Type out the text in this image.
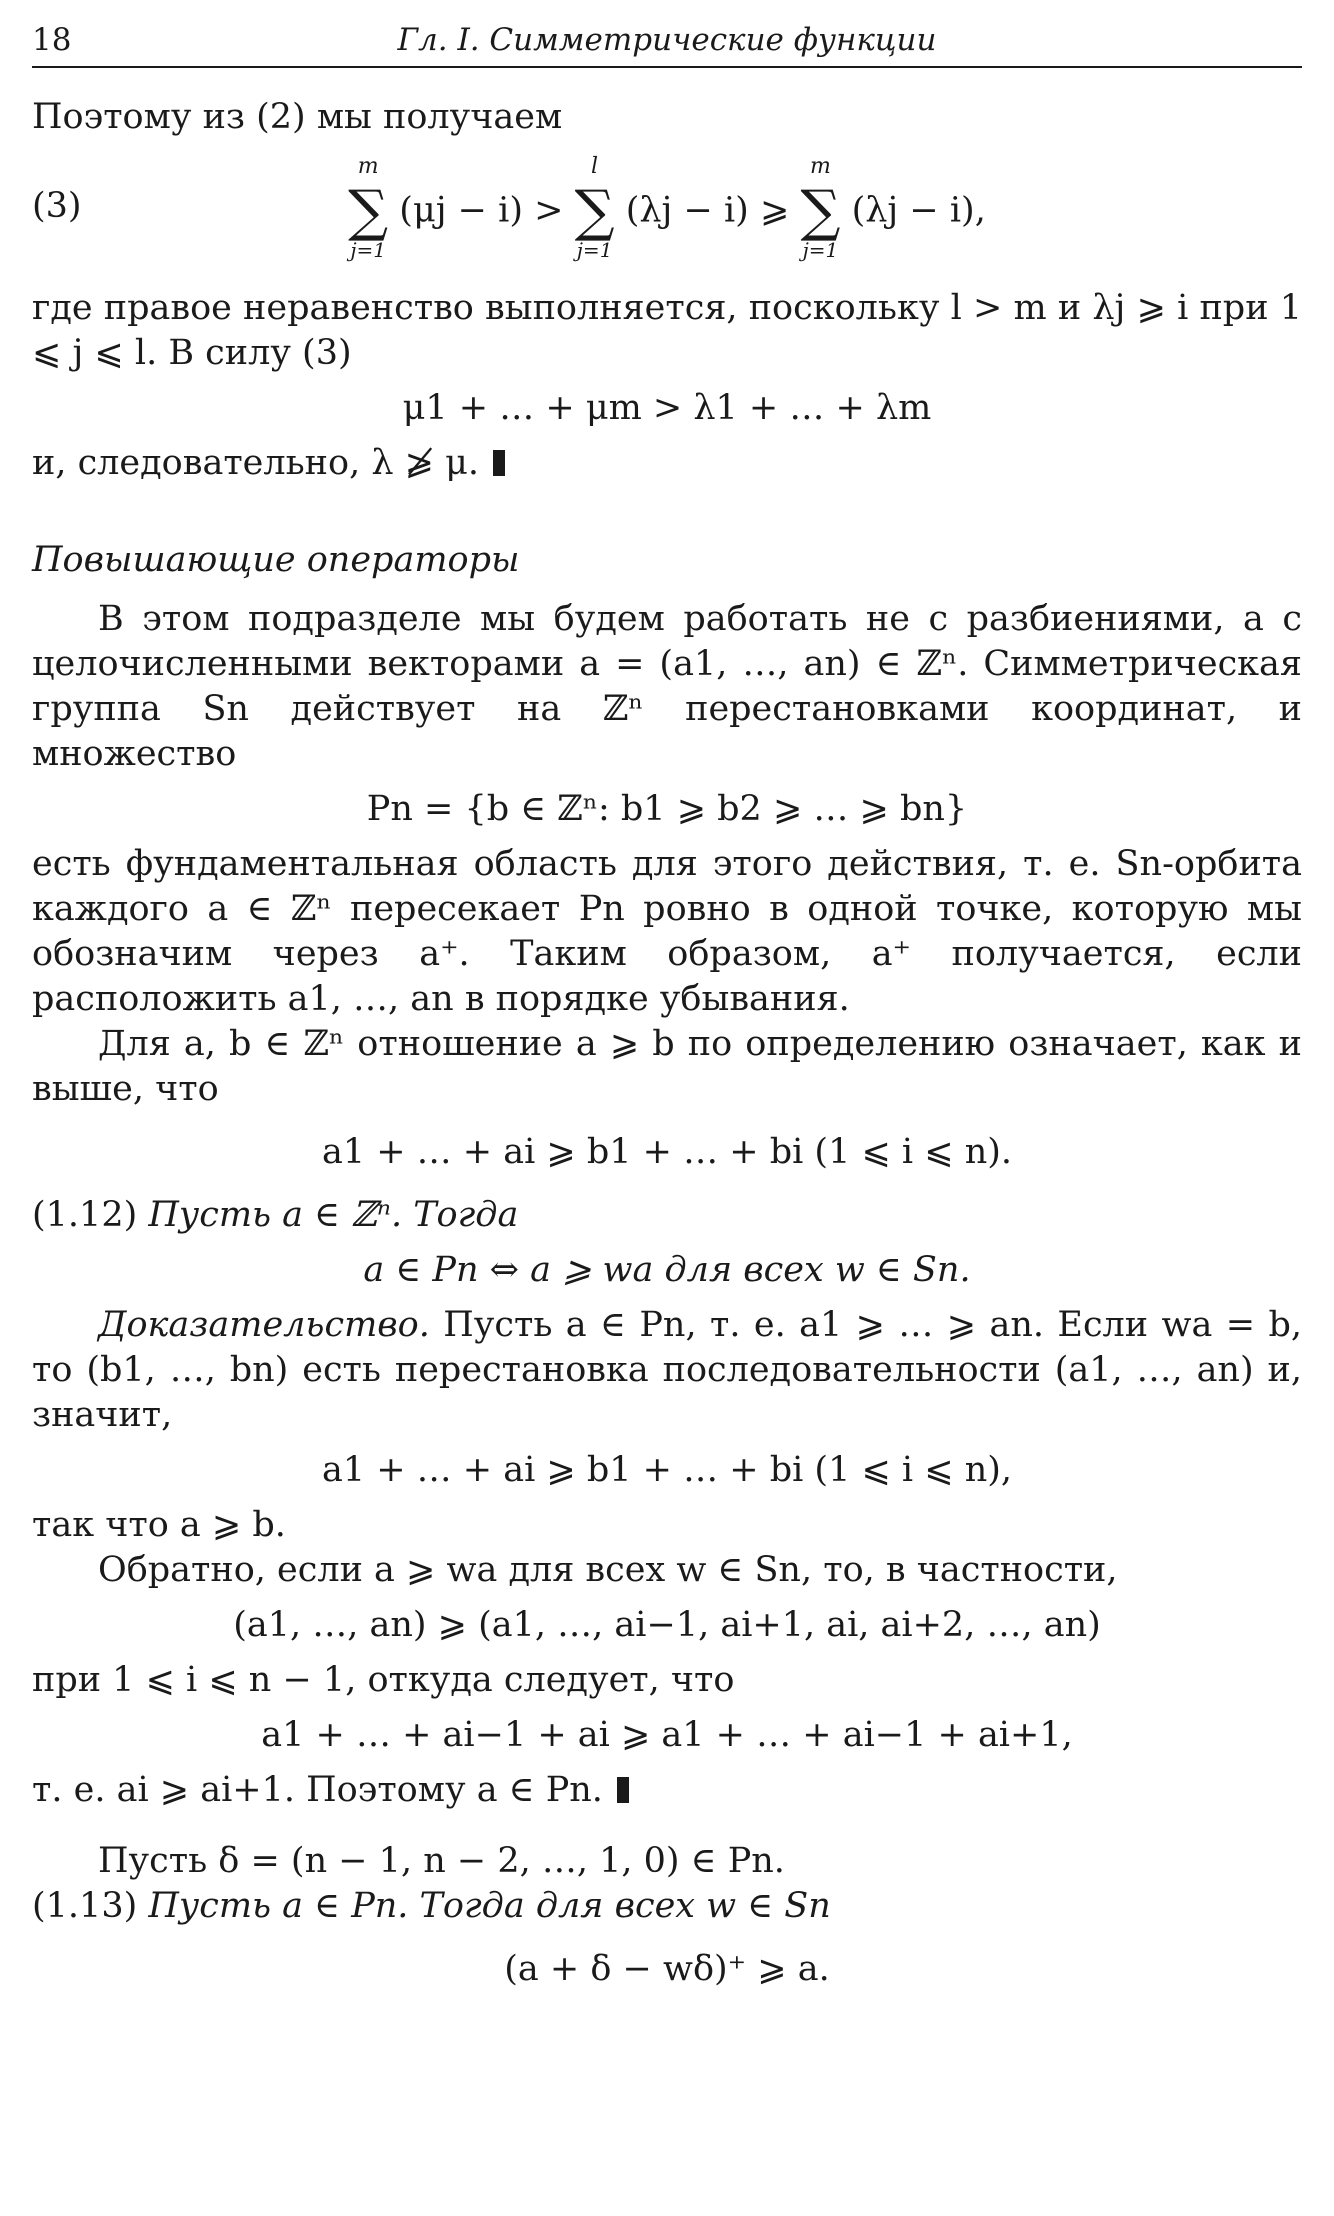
18	Гл. I. Симметрические функции

Поэтому из (2) мы получаем

(3)	∑
m
j=1
(μj − i) > ∑
l
j=1
(λj − i) ⩾ ∑
m
j=1
(λj − i),

где правое неравенство выполняется, поскольку l > m и λj ⩾ i при 1 ⩽ j ⩽ l. В силу (3)

μ1 + … + μm > λ1 + … + λm

и, следовательно, λ ⩾̸ μ.

Повышающие операторы

В этом подразделе мы будем работать не с разбиениями, а с целочисленными векторами a = (a1, …, an) ∈ ℤⁿ. Симметрическая группа Sn действует на ℤⁿ перестановками координат, и множество

Pn = {b ∈ ℤⁿ: b1 ⩾ b2 ⩾ … ⩾ bn}

есть фундаментальная область для этого действия, т. е. Sn-орбита каждого a ∈ ℤⁿ пересекает Pn ровно в одной точке, которую мы обозначим через a⁺. Таким образом, a⁺ получается, если расположить a1, …, an в порядке убывания.

Для a, b ∈ ℤⁿ отношение a ⩾ b по определению означает, как и выше, что

a1 + … + ai ⩾ b1 + … + bi (1 ⩽ i ⩽ n).

(1.12) Пусть a ∈ ℤⁿ. Тогда

a ∈ Pn ⇔ a ⩾ wa для всех w ∈ Sn.

Доказательство. Пусть a ∈ Pn, т. е. a1 ⩾ … ⩾ an. Если wa = b, то (b1, …, bn) есть перестановка последовательности (a1, …, an) и, значит,

a1 + … + ai ⩾ b1 + … + bi (1 ⩽ i ⩽ n),

так что a ⩾ b.

Обратно, если a ⩾ wa для всех w ∈ Sn, то, в частности,

(a1, …, an) ⩾ (a1, …, ai−1, ai+1, ai, ai+2, …, an)

при 1 ⩽ i ⩽ n − 1, откуда следует, что

a1 + … + ai−1 + ai ⩾ a1 + … + ai−1 + ai+1,

т. е. ai ⩾ ai+1. Поэтому a ∈ Pn.

Пусть δ = (n − 1, n − 2, …, 1, 0) ∈ Pn.

(1.13) Пусть a ∈ Pn. Тогда для всех w ∈ Sn

(a + δ − wδ)⁺ ⩾ a.
